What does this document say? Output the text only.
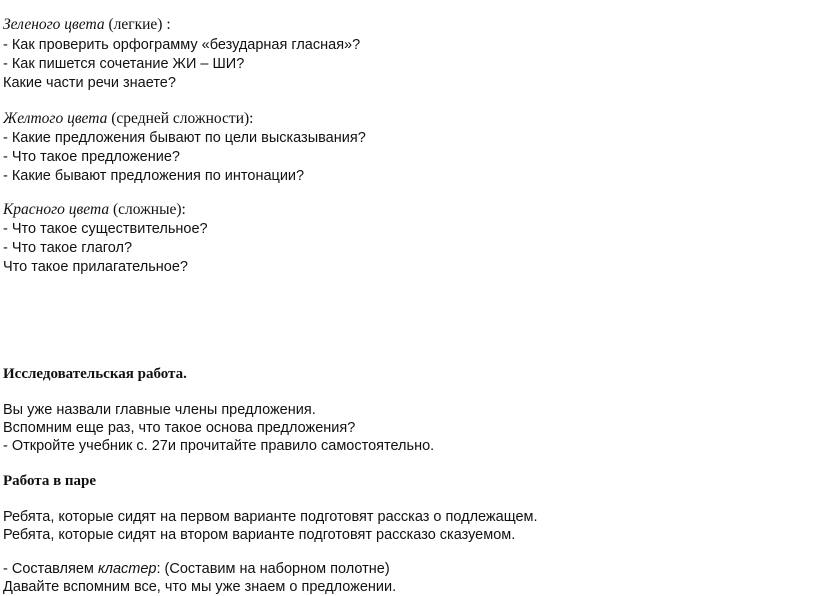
Зеленого цвета (легкие) :
- Как проверить орфограмму «безударная гласная»?
- Как пишется сочетание ЖИ – ШИ?
Какие части речи знаете?
Желтого цвета (средней сложности):
- Какие предложения бывают по цели высказывания?
- Что такое предложение?
- Какие бывают предложения по интонации?
Красного цвета (сложные):
- Что такое существительное?
- Что такое глагол?
Что такое прилагательное?
Исследовательская работа.
Вы уже назвали главные члены предложения.
Вспомним еще раз, что такое основа предложения?
- Откройте учебник с. 27и прочитайте правило самостоятельно.
Работа в паре
Ребята, которые сидят на первом варианте подготовят рассказ о подлежащем.
Ребята, которые сидят на втором варианте подготовят рассказо сказуемом.
- Составляем кластер: (Составим на наборном полотне)
Давайте вспомним все, что мы уже знаем о предложении.
